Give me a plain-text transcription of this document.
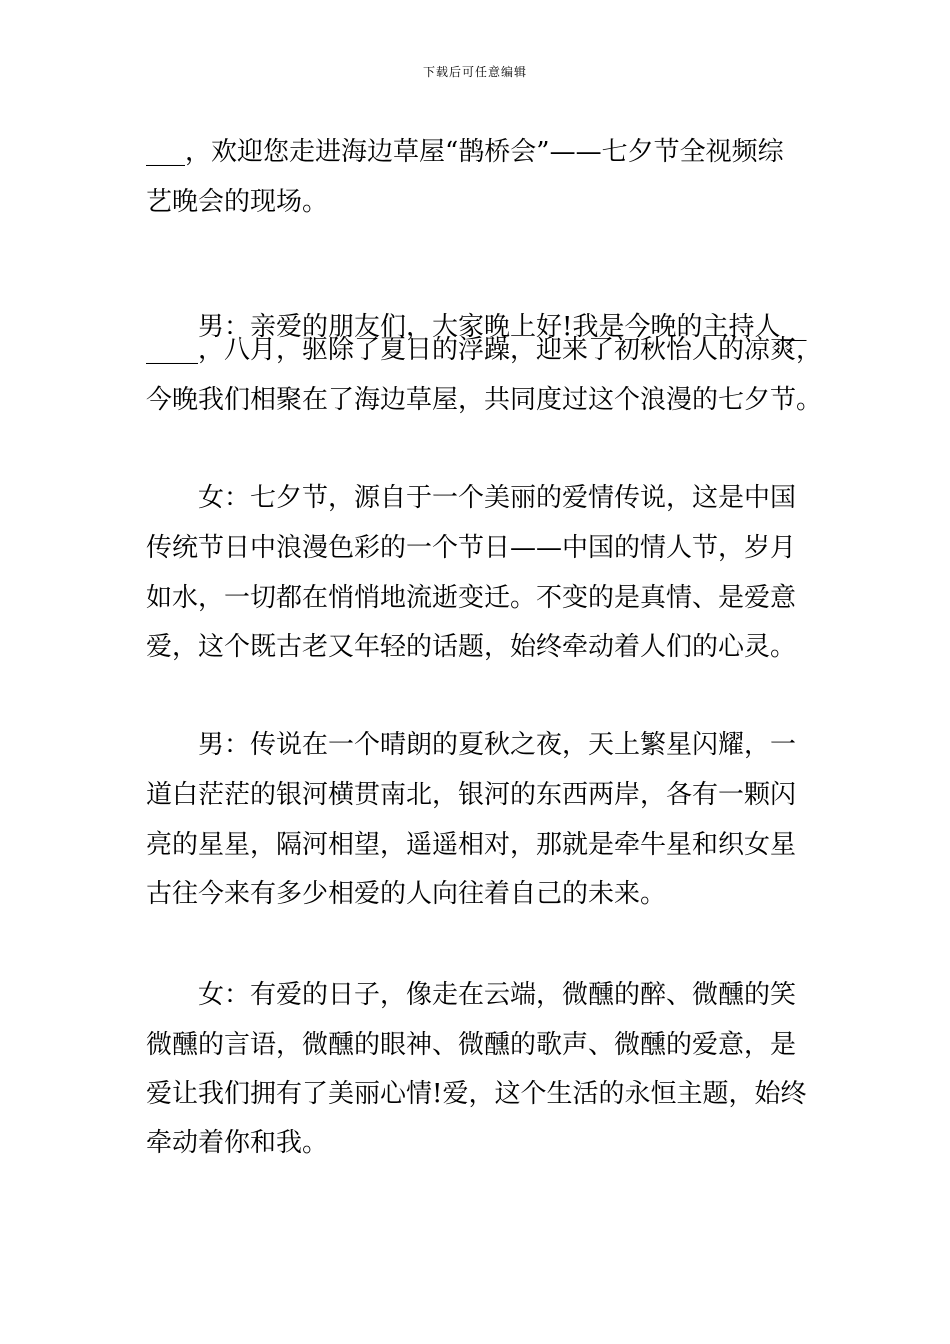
下载后可任意编辑
___，欢迎您走进海边草屋“鹊桥会”——七夕节全视频综
艺晚会的现场。
男：亲爱的朋友们，大家晚上好!我是今晚的主持人__
____，八月，驱除了夏日的浮躁，迎来了初秋怡人的凉爽，
今晚我们相聚在了海边草屋，共同度过这个浪漫的七夕节。
女：七夕节，源自于一个美丽的爱情传说，这是中国
传统节日中浪漫色彩的一个节日——中国的情人节，岁月
如水，一切都在悄悄地流逝变迁。不变的是真情、是爱意
爱，这个既古老又年轻的话题，始终牵动着人们的心灵。
男：传说在一个晴朗的夏秋之夜，天上繁星闪耀，一
道白茫茫的银河横贯南北，银河的东西两岸，各有一颗闪
亮的星星，隔河相望，遥遥相对，那就是牵牛星和织女星
古往今来有多少相爱的人向往着自己的未来。
女：有爱的日子，像走在云端，微醺的醉、微醺的笑
微醺的言语，微醺的眼神、微醺的歌声、微醺的爱意，是
爱让我们拥有了美丽心情!爱，这个生活的永恒主题，始终
牵动着你和我。
